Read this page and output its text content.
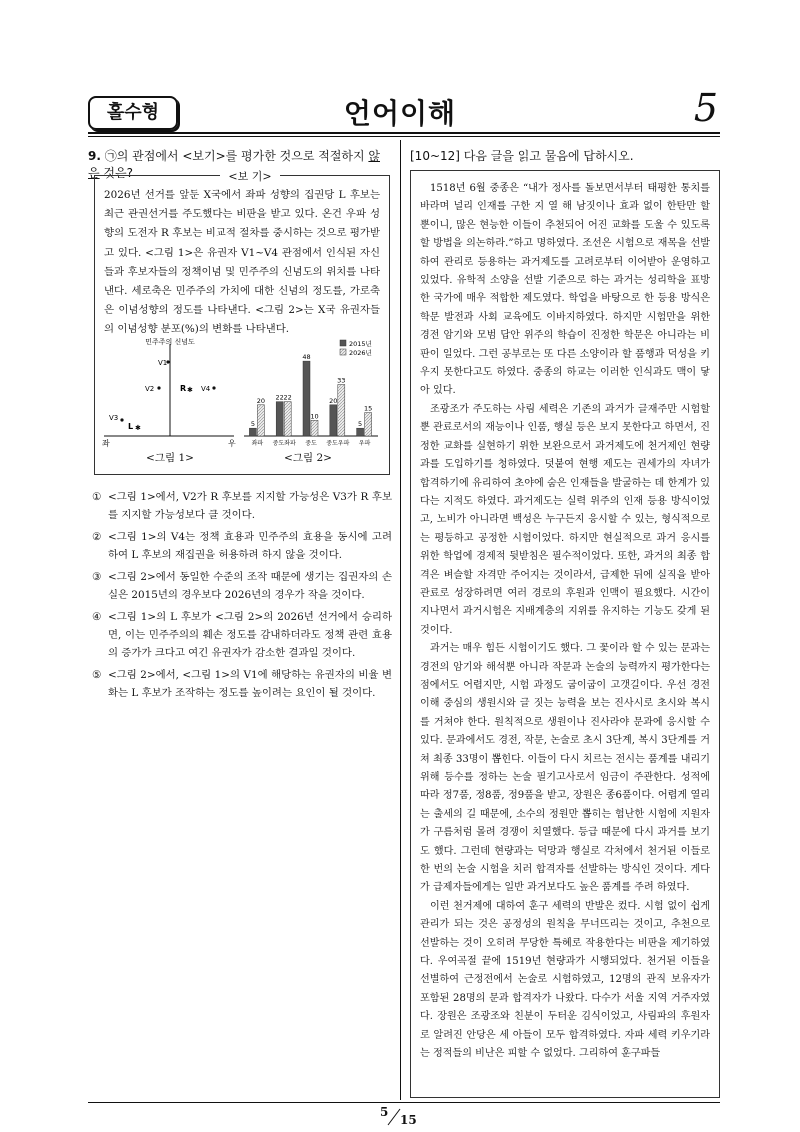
홀수형	언어이해	5
9. ㉠의 관점에서 <보기>를 평가한 것으로 적절하지 않은 것은?	<보 기>
2026년 선거를 앞둔 X국에서 좌파 성향의 집권당 L 후보는 최근 관권선거를 주도했다는 비판을 받고 있다. 온건 우파 성향의 도전자 R 후보는 비교적 절차를 중시하는 것으로 평가받고 있다. <그림 1>은 유권자 V1~V4 관점에서 인식된 자신들과 후보자들의 정책이념 및 민주주의 신념도의 위치를 나타낸다. 세로축은 민주주의 가치에 대한 신념의 정도를, 가로축은 이념성향의 정도를 나타낸다. <그림 2>는 X국 유권자들의 이념성향 분포(%)의 변화를 나타낸다.
민주주의 신념도
좌	우
V1
V2	R ✱ V4
V3
L ✱
<그림 1>
5
20
좌파
22 22
중도좌파
48
10
중도
20
33
중도우파
5
15
우파
2015년
2026년
<그림 2>
① <그림 1>에서, V2가 R 후보를 지지할 가능성은 V3가 R 후보를 지지할 가능성보다 클 것이다.
② <그림 1>의 V4는 정책 효용과 민주주의 효용을 동시에 고려하여 L 후보의 재집권을 허용하려 하지 않을 것이다.
③ <그림 2>에서 동일한 수준의 조작 때문에 생기는 집권자의 손실은 2015년의 경우보다 2026년의 경우가 작을 것이다.
④ <그림 1>의 L 후보가 <그림 2>의 2026년 선거에서 승리하면, 이는 민주주의의 훼손 정도를 감내하더라도 정책 관련 효용의 증가가 크다고 여긴 유권자가 감소한 결과일 것이다.
⑤ <그림 2>에서, <그림 1>의 V1에 해당하는 유권자의 비율 변화는 L 후보가 조작하는 정도를 높이려는 요인이 될 것이다.
[10~12] 다음 글을 읽고 물음에 답하시오.

1518년 6월 중종은 “내가 정사를 돌보면서부터 태평한 통치를 바라며 널리 인재를 구한 지 열 해 남짓이나 효과 없이 한탄만 할 뿐이니, 많은 현능한 이들이 추천되어 어진 교화를 도울 수 있도록 할 방법을 의논하라.”하고 명하였다. 조선은 시험으로 재목을 선발하여 관리로 등용하는 과거제도를 고려로부터 이어받아 운영하고 있었다. 유학적 소양을 선발 기준으로 하는 과거는 성리학을 표방한 국가에 매우 적합한 제도였다. 학업을 바탕으로 한 등용 방식은 학문 발전과 사회 교육에도 이바지하였다. 하지만 시험만을 위한 경전 암기와 모범 답안 위주의 학습이 진정한 학문은 아니라는 비판이 일었다. 그런 공부로는 또 다른 소양이라 할 품행과 덕성을 키우지 못한다고도 하였다. 중종의 하교는 이러한 인식과도 맥이 닿아 있다.

조광조가 주도하는 사림 세력은 기존의 과거가 글재주만 시험할 뿐 관료로서의 재능이나 인품, 행실 등은 보지 못한다고 하면서, 진정한 교화를 실현하기 위한 보완으로서 과거제도에 천거제인 현량과를 도입하기를 청하였다. 덧붙여 현행 제도는 권세가의 자녀가 합격하기에 유리하여 초야에 숨은 인재들을 발굴하는 데 한계가 있다는 지적도 하였다. 과거제도는 실력 위주의 인재 등용 방식이었고, 노비가 아니라면 백성은 누구든지 응시할 수 있는, 형식적으로는 평등하고 공정한 시험이었다. 하지만 현실적으로 과거 응시를 위한 학업에 경제적 뒷받침은 필수적이었다. 또한, 과거의 최종 합격은 벼슬할 자격만 주어지는 것이라서, 급제한 뒤에 실직을 받아 관료로 성장하려면 여러 경로의 후원과 인맥이 필요했다. 시간이 지나면서 과거시험은 지배계층의 지위를 유지하는 기능도 갖게 된 것이다.

과거는 매우 힘든 시험이기도 했다. 그 꽃이라 할 수 있는 문과는 경전의 암기와 해석뿐 아니라 작문과 논술의 능력까지 평가한다는 점에서도 어렵지만, 시험 과정도 굽이굽이 고갯길이다. 우선 경전 이해 중심의 생원시와 글 짓는 능력을 보는 진사시로 초시와 복시를 거쳐야 한다. 원칙적으로 생원이나 진사라야 문과에 응시할 수 있다. 문과에서도 경전, 작문, 논술로 초시 3단계, 복시 3단계를 거쳐 최종 33명이 뽑힌다. 이들이 다시 치르는 전시는 품계를 내리기 위해 등수를 정하는 논술 필기고사로서 임금이 주관한다. 성적에 따라 정7품, 정8품, 정9품을 받고, 장원은 종6품이다. 어렵게 열리는 출세의 길 때문에, 소수의 정원만 뽑히는 험난한 시험에 지원자가 구름처럼 몰려 경쟁이 치열했다. 등급 때문에 다시 과거를 보기도 했다. 그런데 현량과는 덕망과 행실로 각처에서 천거된 이들로 한 번의 논술 시험을 치러 합격자를 선발하는 방식인 것이다. 게다가 급제자들에게는 일반 과거보다도 높은 품계를 주려 하였다.

이런 천거제에 대하여 훈구 세력의 반발은 컸다. 시험 없이 쉽게 관리가 되는 것은 공정성의 원칙을 무너뜨리는 것이고, 추천으로 선발하는 것이 오히려 무당한 특혜로 작용한다는 비판을 제기하였다. 우여곡절 끝에 1519년 현량과가 시행되었다. 천거된 이들을 선별하여 근정전에서 논술로 시험하였고, 12명의 관직 보유자가 포함된 28명의 문과 합격자가 나왔다. 다수가 서울 지역 거주자였다. 장원은 조광조와 친분이 두터운 김식이었고, 사림파의 후원자로 알려진 안당은 세 아들이 모두 합격하였다. 자파 세력 키우기라는 정적들의 비난은 피할 수 없었다. 그리하여 훈구파들

5
15
